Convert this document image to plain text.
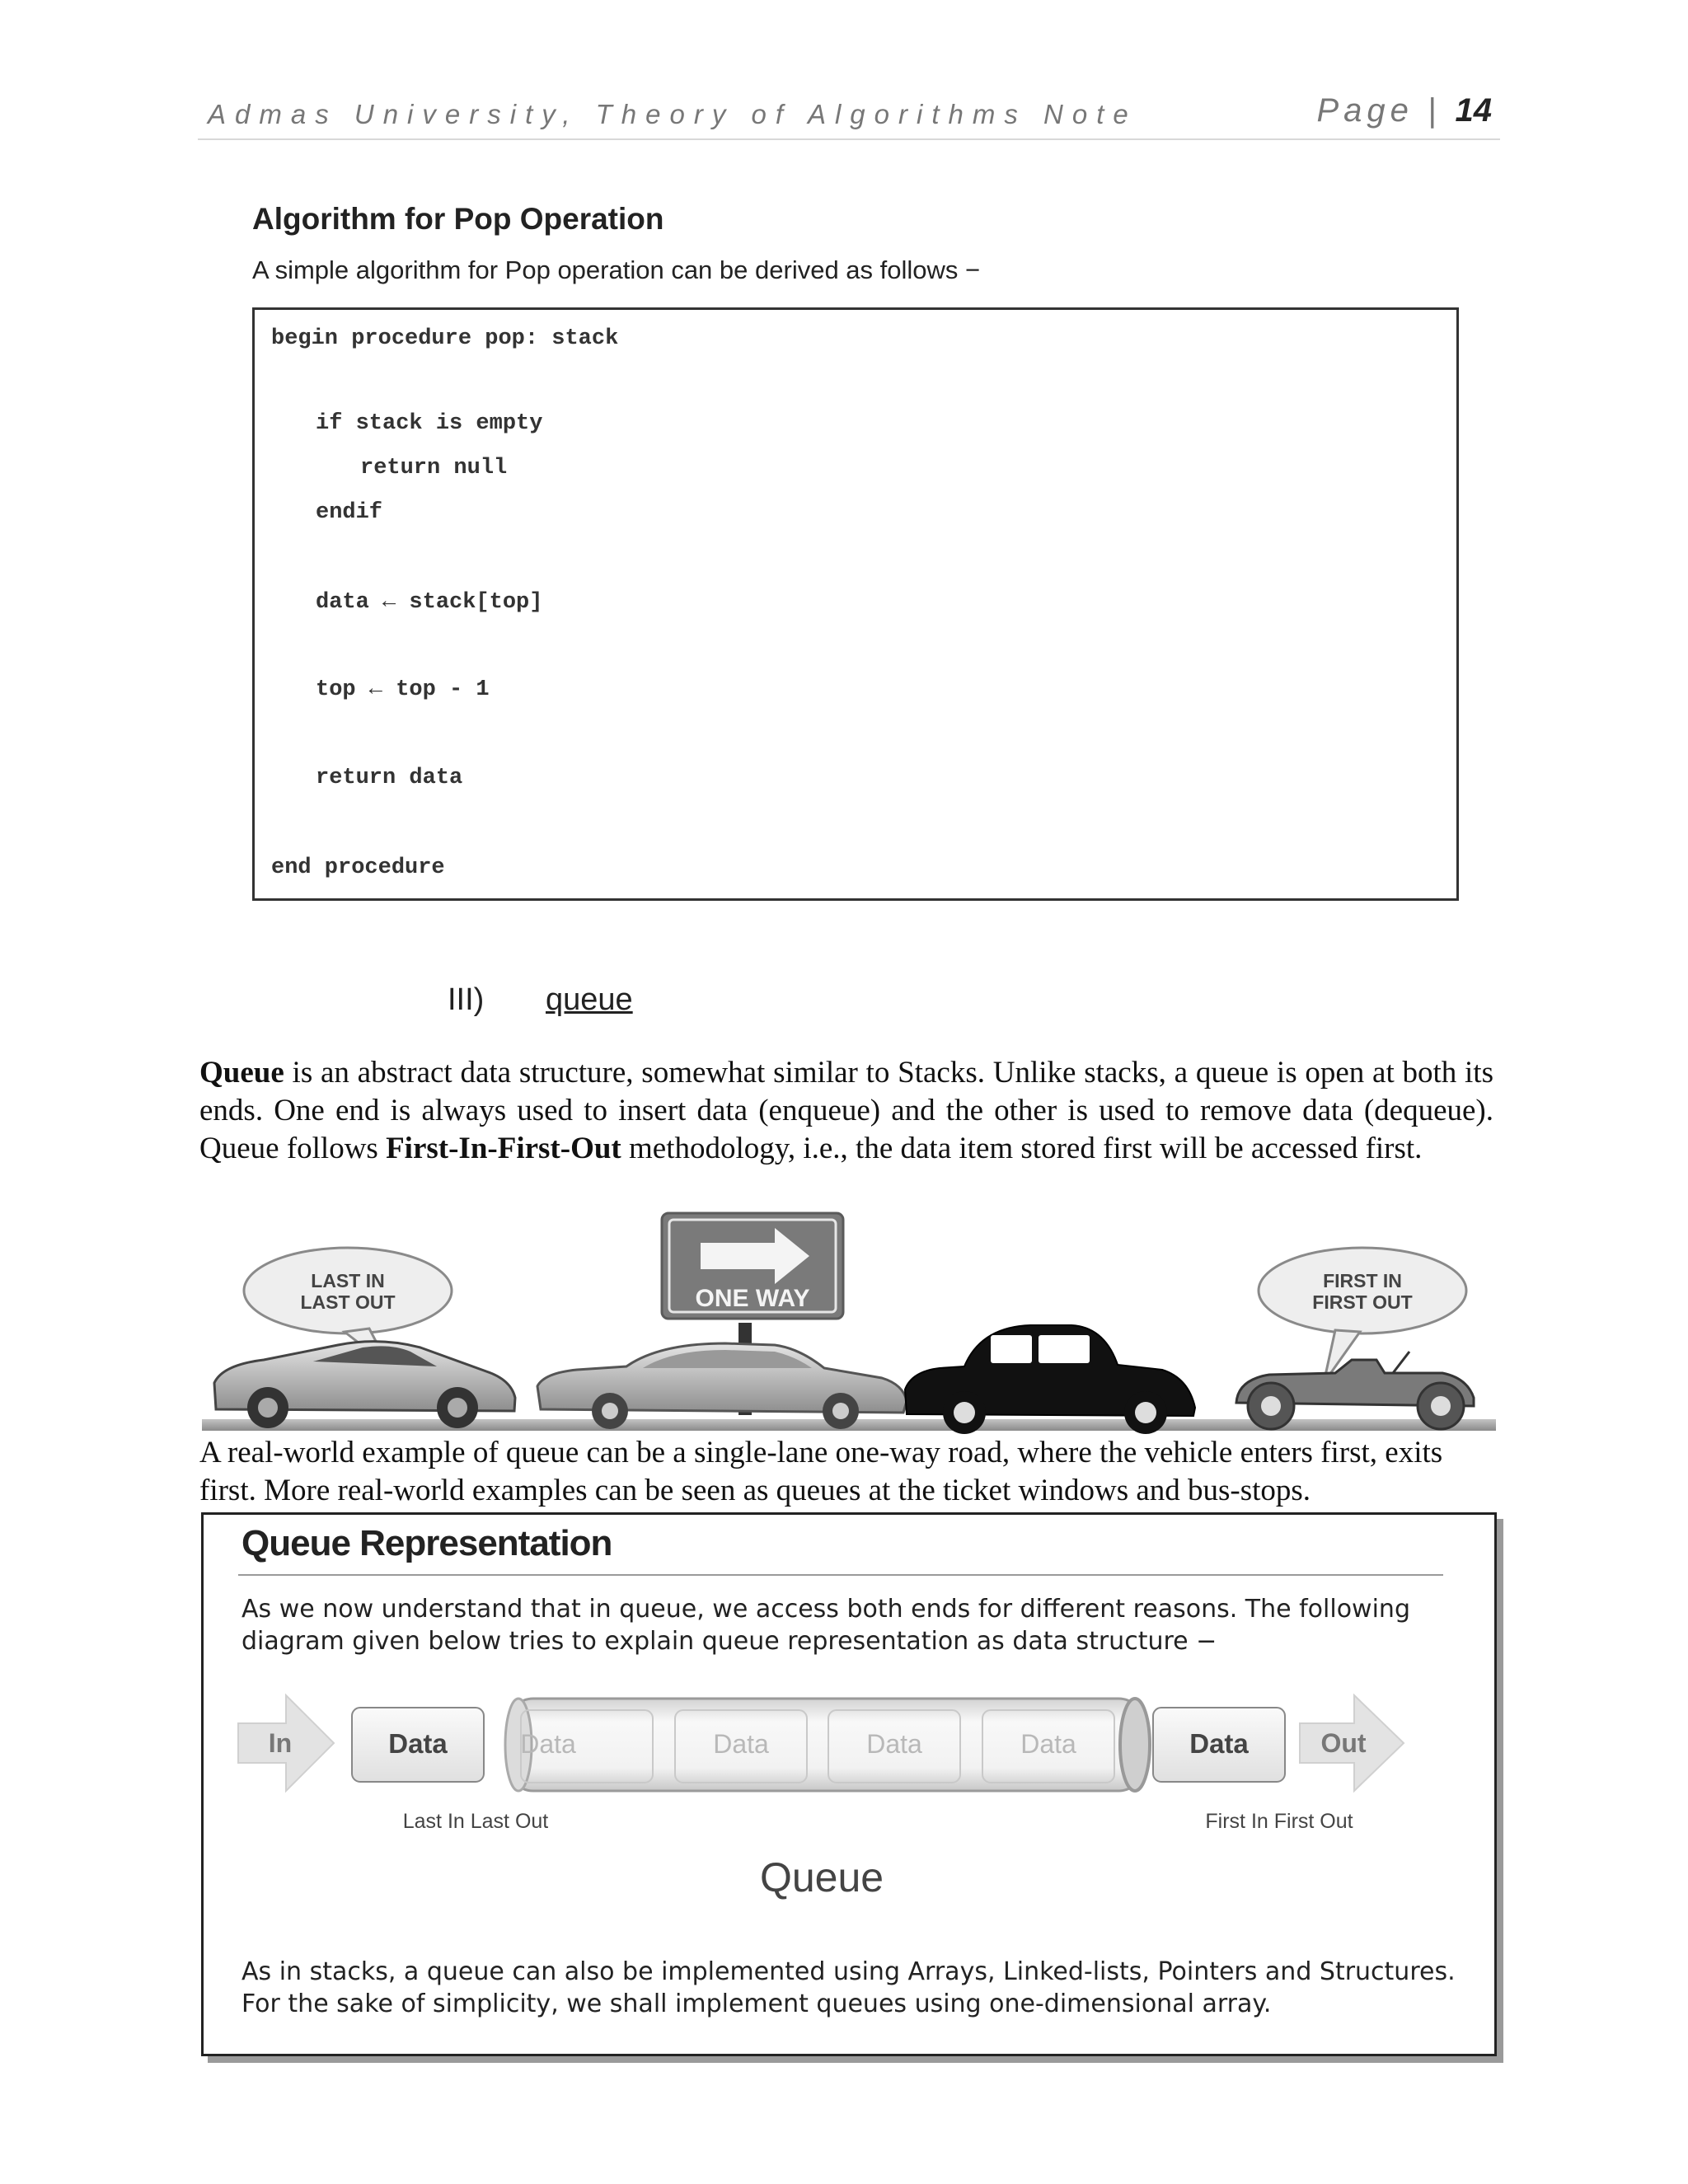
Admas University, Theory of Algorithms Note	Page | 14
Algorithm for Pop Operation
A simple algorithm for Pop operation can be derived as follows −
begin procedure pop: stack
if stack is empty
return null
endif
data ← stack[top]
top ← top - 1
return data
end procedure
III) queue
Queue is an abstract data structure, somewhat similar to Stacks. Unlike stacks, a queue is open at both its ends. One end is always used to insert data (enqueue) and the other is used to remove data (dequeue). Queue follows First-In-First-Out methodology, i.e., the data item stored first will be accessed first.
LAST IN
LAST OUT	ONE WAY
FIRST IN
FIRST OUT
A real-world example of queue can be a single-lane one-way road, where the vehicle enters first, exits first. More real-world examples can be seen as queues at the ticket windows and bus-stops.
Queue Representation
As we now understand that in queue, we access both ends for different reasons. The following diagram given below tries to explain queue representation as data structure −
In	Data	Data	Data	Data	Data	Data	Out
Last In Last Out	First In First Out
Queue
As in stacks, a queue can also be implemented using Arrays, Linked-lists, Pointers and Structures. For the sake of simplicity, we shall implement queues using one-dimensional array.
